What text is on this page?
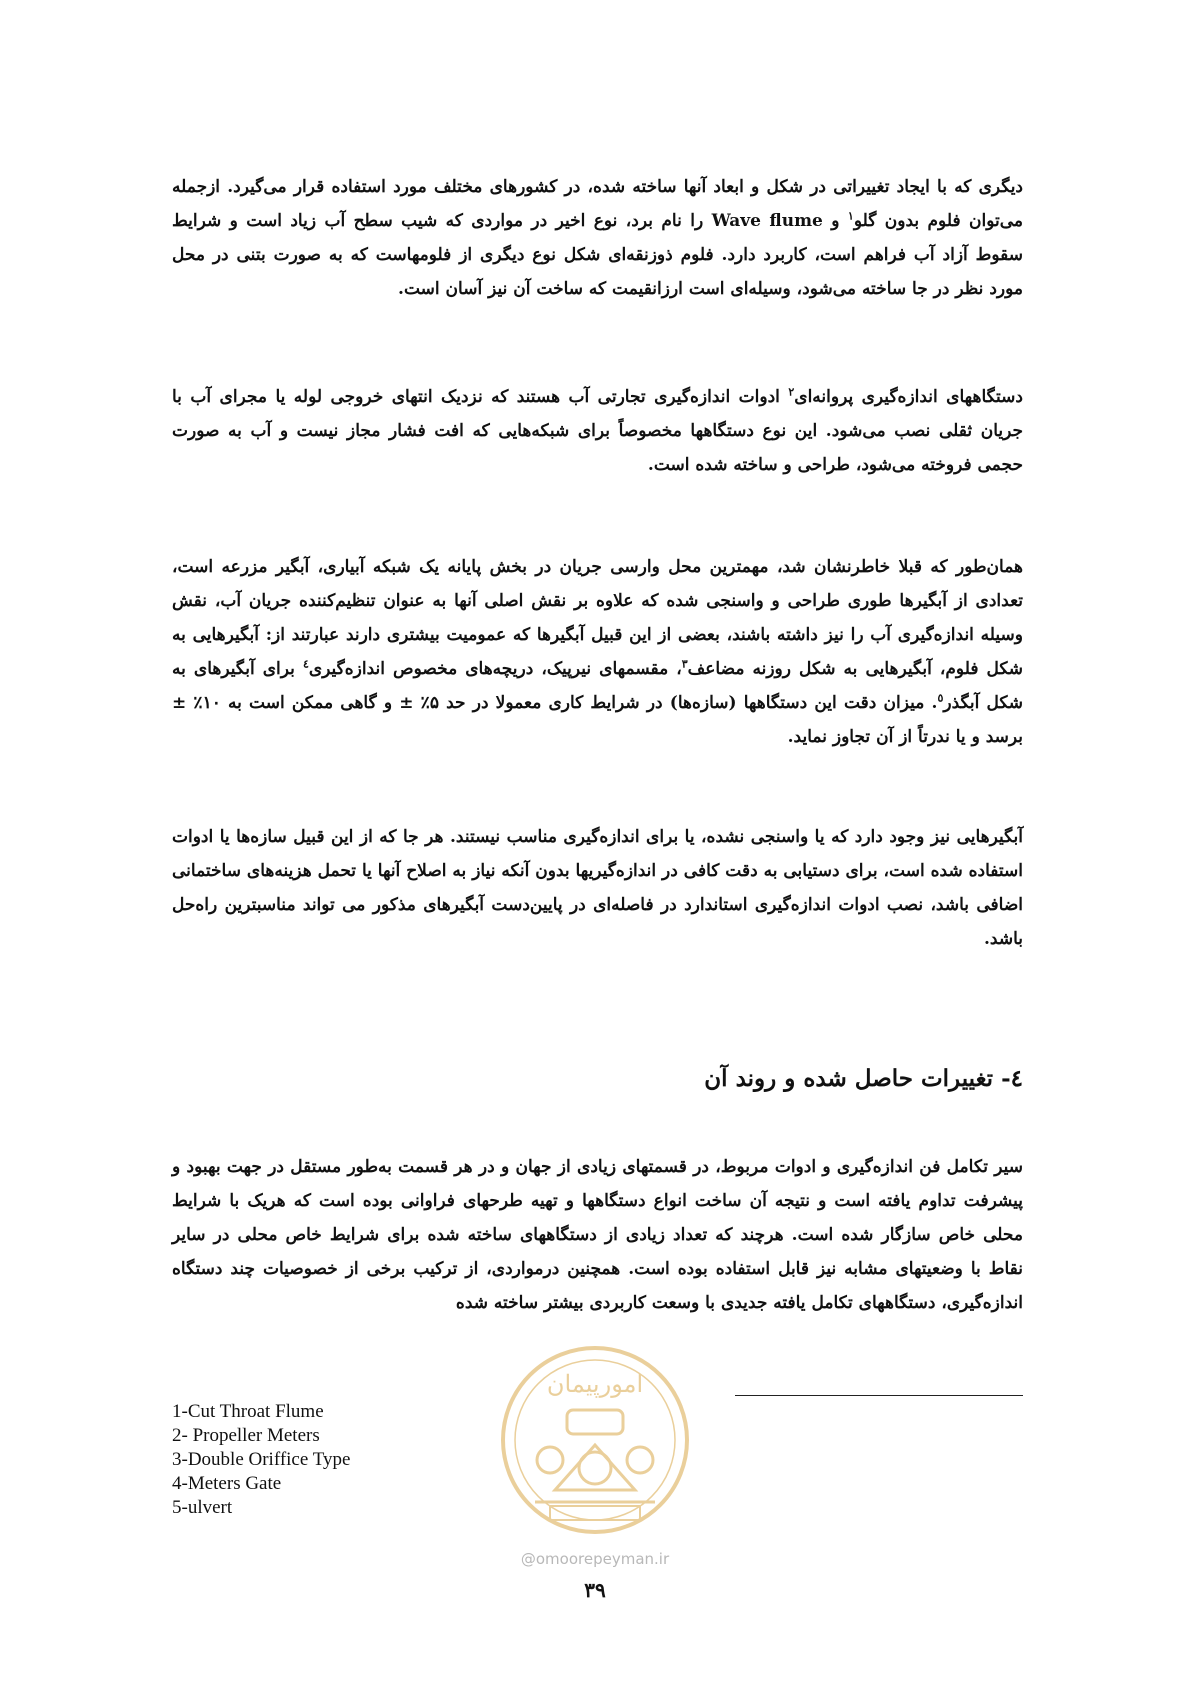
دیگری که با ایجاد تغییراتی در شکل و ابعاد آنها ساخته شده، در کشورهای مختلف مورد استفاده قرار می‌گیرد. ازجمله می‌توان فلوم بدون گلو$^۱$ و Wave flume را نام برد، نوع اخیر در مواردی که شیب سطح آب زیاد است و شرایط سقوط آزاد آب فراهم است، کاربرد دارد. فلوم ذوزنقه‌ای شکل نوع دیگری از فلومهاست که به صورت بتنی در محل مورد نظر در جا ساخته می‌شود، وسیله‌ای است ارزانقیمت که ساخت آن نیز آسان است.

دستگاههای اندازه‌گیری پروانه‌ای$^۲$ ادوات اندازه‌گیری تجارتی آب هستند که نزدیک انتهای خروجی لوله یا مجرای آب با جریان ثقلی نصب می‌شود. این نوع دستگاهها مخصوصاً برای شبکه‌هایی که افت فشار مجاز نیست و آب به صورت حجمی فروخته می‌شود، طراحی و ساخته شده است.

همان‌طور که قبلا خاطرنشان شد، مهمترین محل وارسی جریان در بخش پایانه یک شبکه آبیاری، آبگیر مزرعه است، تعدادی از آبگیرها طوری طراحی و واسنجی شده که علاوه بر نقش اصلی آنها به عنوان تنظیم‌کننده جریان آب، نقش وسیله اندازه‌گیری آب را نیز داشته باشند، بعضی از این قبیل آبگیرها که عمومیت بیشتری دارند عبارتند از: آبگیرهایی به شکل فلوم، آبگیرهایی به شکل روزنه مضاعف$^۳$، مقسمهای نیرپیک، دریچه‌های مخصوص اندازه‌گیری$^٤$ برای آبگیرهای به شکل آبگذر$^٥$. میزان دقت این دستگاهها (سازه‌ها) در شرایط کاری معمولا در حد ۵٪ ± و گاهی ممکن است به ۱۰٪ ± برسد و یا ندرتاً از آن تجاوز نماید.

آبگیرهایی نیز وجود دارد که یا واسنجی نشده، یا برای اندازه‌گیری مناسب نیستند. هر جا که از این قبیل سازه‌ها یا ادوات استفاده شده است، برای دستیابی به دقت کافی در اندازه‌گیریها بدون آنکه نیاز به اصلاح آنها یا تحمل هزینه‌های ساختمانی اضافی باشد، نصب ادوات اندازه‌گیری استاندارد در فاصله‌ای در پایین‌دست آبگیرهای مذکور می تواند مناسبترین راه‌حل باشد.

٤- تغییرات حاصل شده و روند آن

سیر تکامل فن اندازه‌گیری و ادوات مربوط، در قسمتهای زیادی از جهان و در هر قسمت به‌طور مستقل در جهت بهبود و پیشرفت تداوم یافته است و نتیجه آن ساخت انواع دستگاهها و تهیه طرحهای فراوانی بوده است که هریک با شرایط محلی خاص سازگار شده است. هرچند که تعداد زیادی از دستگاههای ساخته شده برای شرایط خاص محلی در سایر نقاط با وضعیتهای مشابه نیز قابل استفاده بوده است. همچنین درمواردی، از ترکیب برخی از خصوصیات چند دستگاه اندازه‌گیری، دستگاههای تکامل یافته جدیدی با وسعت کاربردی بیشتر ساخته شده

1-Cut Throat Flume
2- Propeller Meters
3-Double Oriffice Type
4-Meters Gate
5-ulvert
امورپیمان
@omoorepeyman.ir
۳۹
